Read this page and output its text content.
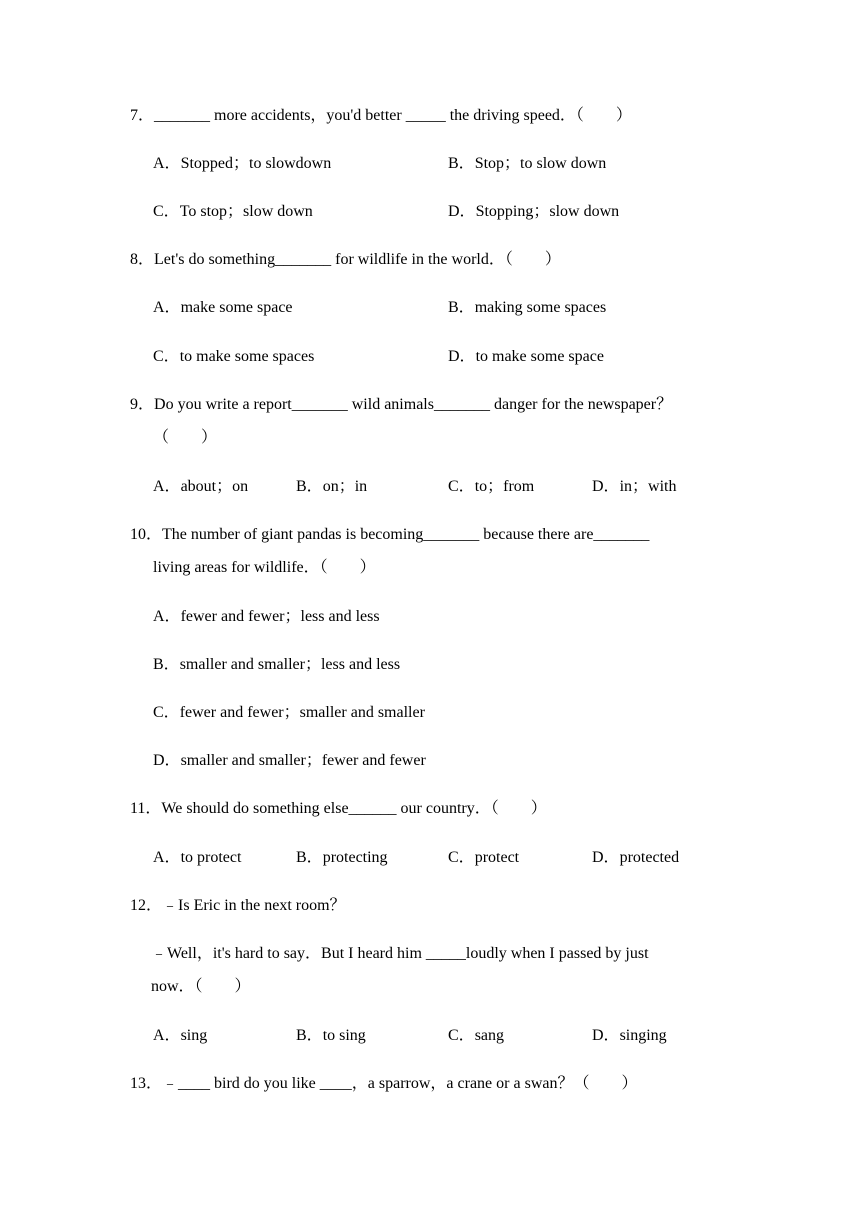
7．_______ more accidents，you'd better _____ the driving speed．（　　）
A．Stopped；to slowdown	B．Stop；to slow down
C．To stop；slow down	D．Stopping；slow down
8．Let's do something_______ for wildlife in the world．（　　）
A．make some space	B．making some spaces
C．to make some spaces	D．to make some space
9．Do you write a report_______ wild animals_______ danger for the newspaper？
（　　）
A．about；on	B．on；in	C．to；from	D．in；with
10．The number of giant pandas is becoming_______ because there are_______
living areas for wildlife．（　　）
A．fewer and fewer；less and less
B．smaller and smaller；less and less
C．fewer and fewer；smaller and smaller
D．smaller and smaller；fewer and fewer
11．We should do something else______ our country．（　　）
A．to protect	B．protecting	C．protect	D．protected
12．﹣Is Eric in the next room？
﹣Well，it's hard to say．But I heard him _____loudly when I passed by just
now．（　　）
A．sing	B．to sing	C．sang	D．singing
13．﹣____ bird do you like ____，a sparrow，a crane or a swan？（　　）
